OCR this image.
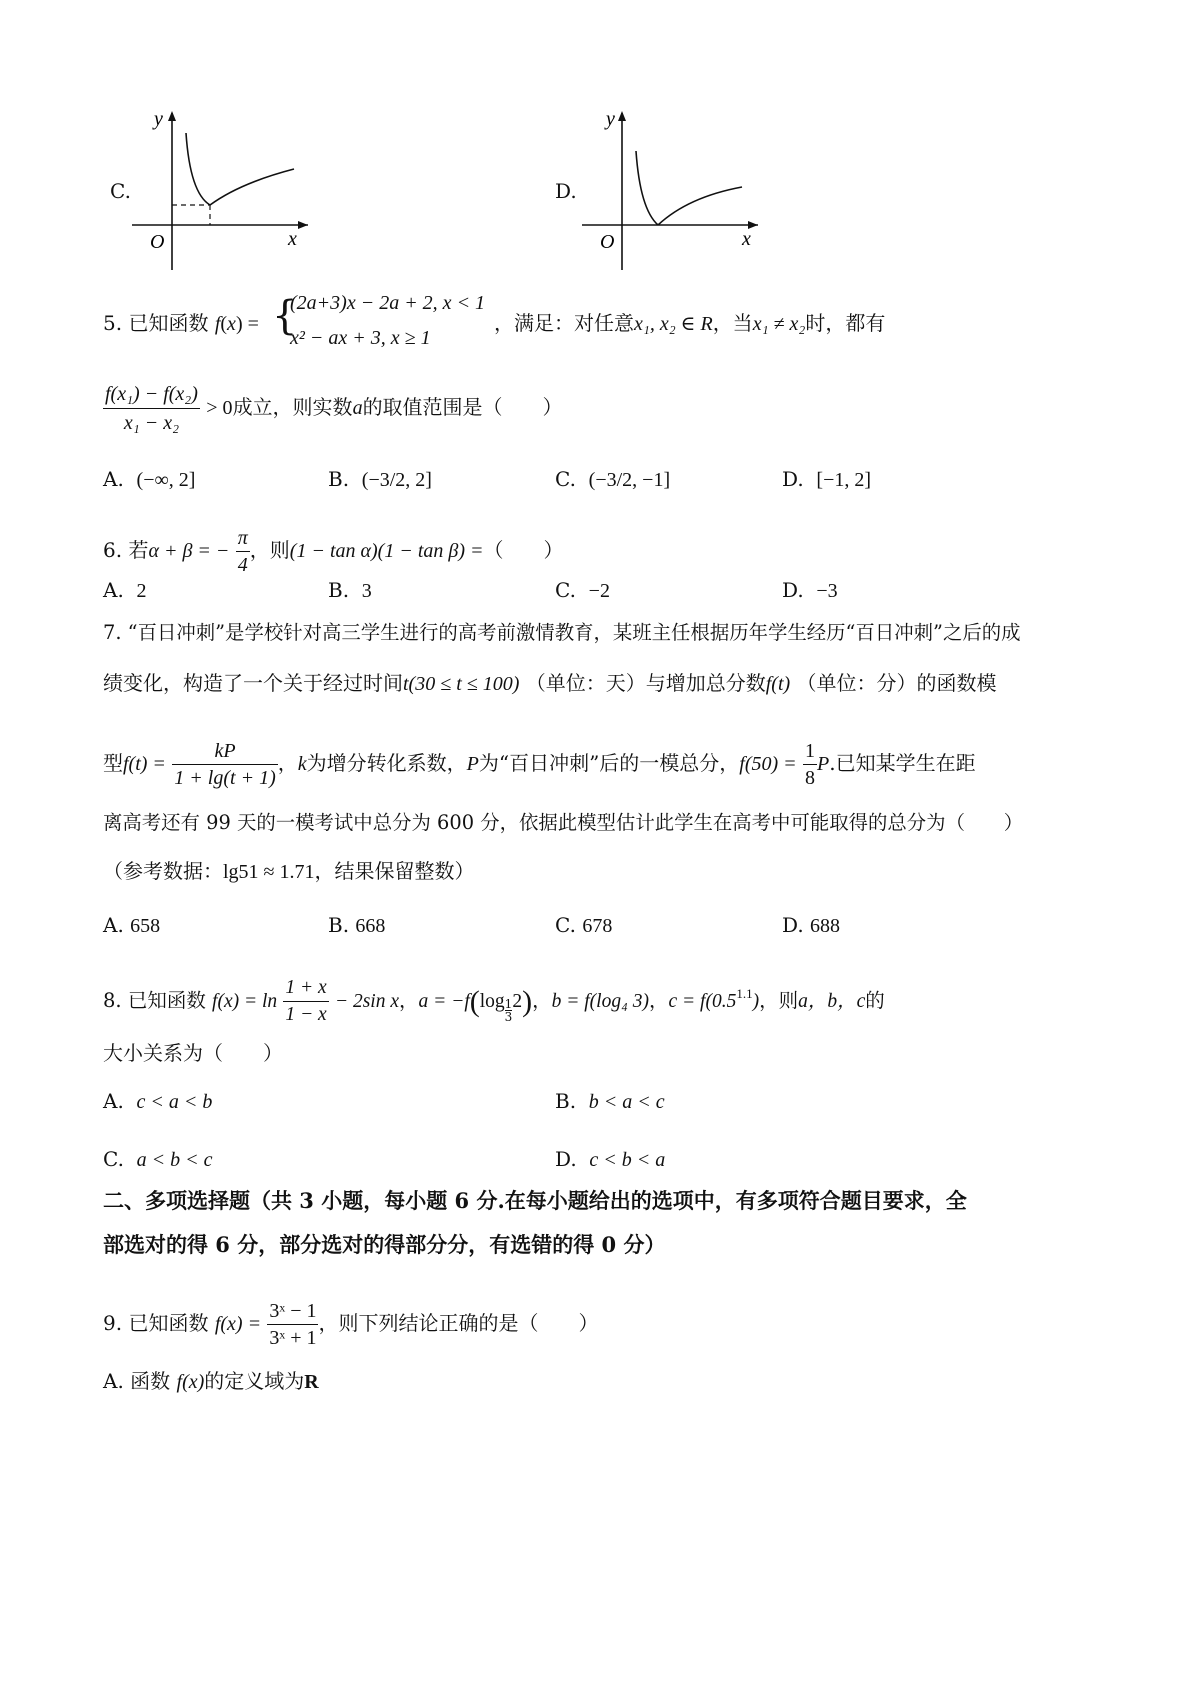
C.
y
x
O
D.
y
x
O
5. 已知函数 f(x) = {
(2a+3)x − 2a + 2, x < 1
x² − ax + 3, x ≥ 1
，满足：对任意x₁, x₂ ∈ R，当x₁ ≠ x₂时，都有
$\frac{\text{f(x₁) − f(x₂)}}{\text{x₁ − x₂}} > 0$成立，则实数a的取值范围是（　　）
A. (−∞, 2]	B. (−3/2, 2]	C. (−3/2, −1]	D. [−1, 2]
6. 若α + β = − $\frac{\pi}{4}$ ，则(1 − tan α)(1 − tan β) =（　　）
A. 2	B. 3	C. −2	D. −3
7. “百日冲刺”是学校针对高三学生进行的高考前激情教育，某班主任根据历年学生经历“百日冲刺”之后的成
绩变化，构造了一个关于经过时间t(30 ≤ t ≤ 100) （单位：天）与增加总分数f(t) （单位：分）的函数模
型$f(t) = \frac{kP}{1 + \lg(t + 1)}$ ，k为增分转化系数，P为“百日冲刺”后的一模总分，$f(50) = \frac{1}{8} P$.已知某学生在距
离高考还有 99 天的一模考试中总分为 600 分，依据此模型估计此学生在高考中可能取得的总分为（　　）
（参考数据：lg51 ≈ 1.71，结果保留整数）
A. 658	B. 668	C. 678	D. 688
8. 已知函数 $f(x) = \ln \frac{1 + x}{1 - x} - 2\sin$ x，$a = -f(\log \frac{1}{3} 2)$，b = f(log₄ 3)，$c = f(0.5^{1.1})$，则a，b，c的
大小关系为（　　）
A. c < a < b	B. b < a < c
C. a < b < c	D. c < b < a
二、多项选择题（共 3 小题，每小题 6 分.在每小题给出的选项中，有多项符合题目要求，全
部选对的得 6 分，部分选对的得部分分，有选错的得 0 分）
9. 已知函数 $f(x) = \frac{\text{3ˣ − 1}}{\text{3ˣ + 1}}$ ，则下列结论正确的是（　　）
A. 函数 f(x)的定义域为R
